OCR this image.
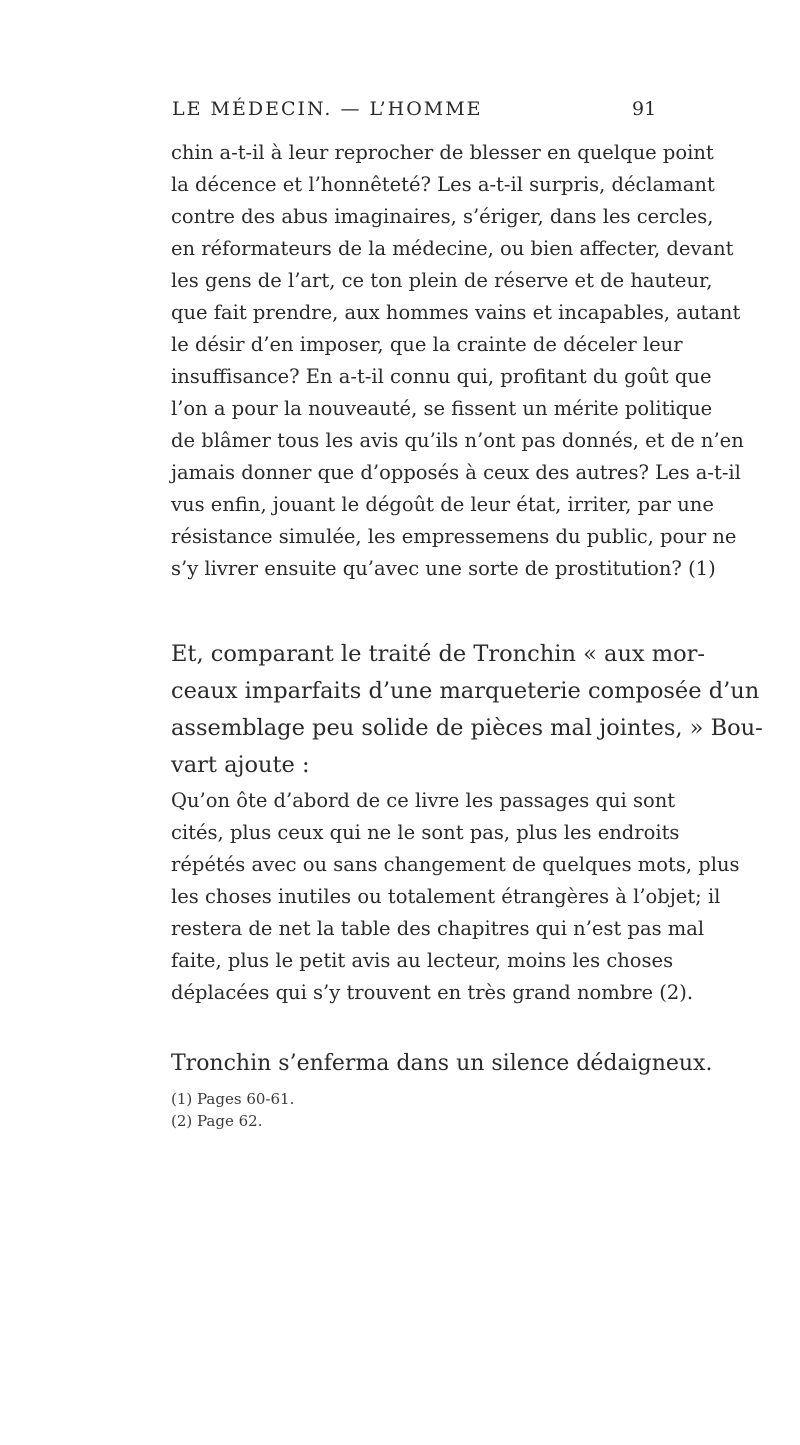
LE MÉDECIN. — L’HOMME	91
chin a-t-il à leur reprocher de blesser en quelque point
la décence et l’honnêteté? Les a-t-il surpris, déclamant
contre des abus imaginaires, s’ériger, dans les cercles,
en réformateurs de la médecine, ou bien affecter, devant
les gens de l’art, ce ton plein de réserve et de hauteur,
que fait prendre, aux hommes vains et incapables, autant
le désir d’en imposer, que la crainte de déceler leur
insuffisance? En a-t-il connu qui, profitant du goût que
l’on a pour la nouveauté, se fissent un mérite politique
de blâmer tous les avis qu’ils n’ont pas donnés, et de n’en
jamais donner que d’opposés à ceux des autres? Les a-t-il
vus enfin, jouant le dégoût de leur état, irriter, par une
résistance simulée, les empressemens du public, pour ne
s’y livrer ensuite qu’avec une sorte de prostitution? (1)
Et, comparant le traité de Tronchin « aux mor-
ceaux imparfaits d’une marqueterie composée d’un
assemblage peu solide de pièces mal jointes, » Bou-
vart ajoute :
Qu’on ôte d’abord de ce livre les passages qui sont
cités, plus ceux qui ne le sont pas, plus les endroits
répétés avec ou sans changement de quelques mots, plus
les choses inutiles ou totalement étrangères à l’objet; il
restera de net la table des chapitres qui n’est pas mal
faite, plus le petit avis au lecteur, moins les choses
déplacées qui s’y trouvent en très grand nombre (2).
Tronchin s’enferma dans un silence dédaigneux.
(1) Pages 60-61.
(2) Page 62.
